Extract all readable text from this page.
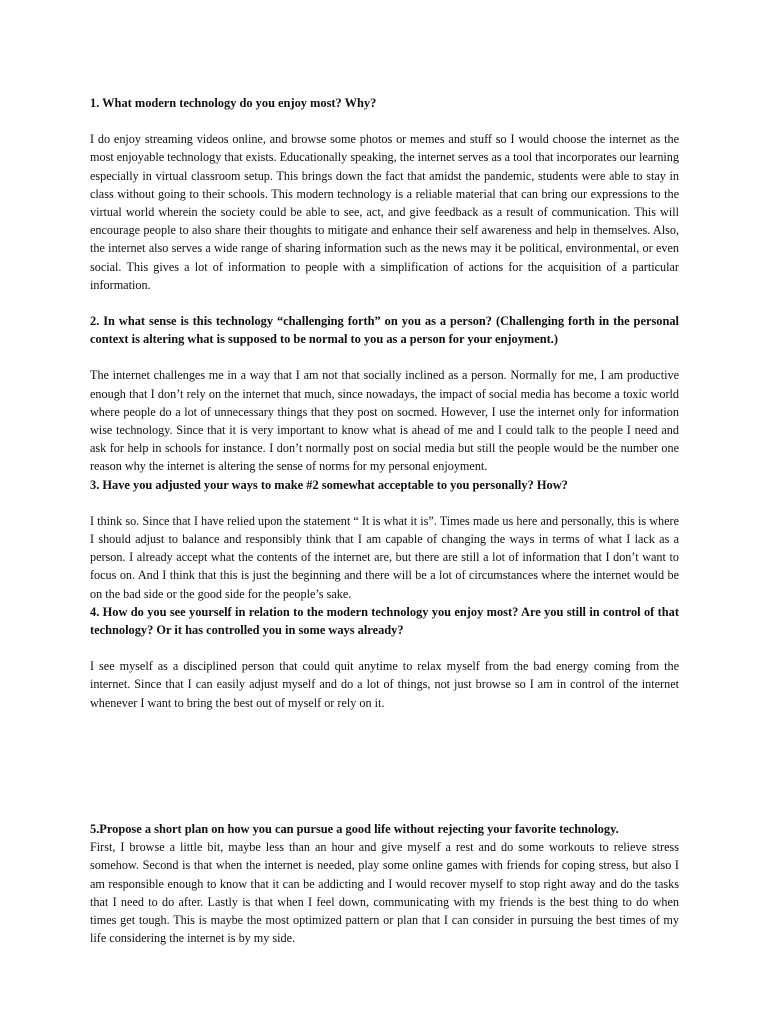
1. What modern technology do you enjoy most? Why?

I do enjoy streaming videos online, and browse some photos or memes and stuff so I would choose the internet as the most enjoyable technology that exists. Educationally speaking, the internet serves as a tool that incorporates our learning especially in virtual classroom setup. This brings down the fact that amidst the pandemic, students were able to stay in class without going to their schools. This modern technology is a reliable material that can bring our expressions to the virtual world wherein the society could be able to see, act, and give feedback as a result of communication. This will encourage people to also share their thoughts to mitigate and enhance their self awareness and help in themselves. Also, the internet also serves a wide range of sharing information such as the news may it be political, environmental, or even social. This gives a lot of information to people with a simplification of actions for the acquisition of a particular information.

2. In what sense is this technology “challenging forth” on you as a person? (Challenging forth in the personal context is altering what is supposed to be normal to you as a person for your enjoyment.)

The internet challenges me in a way that I am not that socially inclined as a person. Normally for me, I am productive enough that I don’t rely on the internet that much, since nowadays, the impact of social media has become a toxic world where people do a lot of unnecessary things that they post on socmed. However, I use the internet only for information wise technology. Since that it is very important to know what is ahead of me and I could talk to the people I need and ask for help in schools for instance. I don’t normally post on social media but still the people would be the number one reason why the internet is altering the sense of norms for my personal enjoyment.

3. Have you adjusted your ways to make #2 somewhat acceptable to you personally? How?

I think so. Since that I have relied upon the statement “ It is what it is”. Times made us here and personally, this is where I should adjust to balance and responsibly think that I am capable of changing the ways in terms of what I lack as a person. I already accept what the contents of the internet are, but there are still a lot of information that I don’t want to focus on. And I think that this is just the beginning and there will be a lot of circumstances where the internet would be on the bad side or the good side for the people’s sake.

4. How do you see yourself in relation to the modern technology you enjoy most? Are you still in control of that technology? Or it has controlled you in some ways already?

I see myself as a disciplined person that could quit anytime to relax myself from the bad energy coming from the internet. Since that I can easily adjust myself and do a lot of things, not just browse so I am in control of the internet whenever I want to bring the best out of myself or rely on it.

5.Propose a short plan on how you can pursue a good life without rejecting your favorite technology.

First, I browse a little bit, maybe less than an hour and give myself a rest and do some workouts to relieve stress somehow. Second is that when the internet is needed, play some online games with friends for coping stress, but also I am responsible enough to know that it can be addicting and I would recover myself to stop right away and do the tasks that I need to do after. Lastly is that when I feel down, communicating with my friends is the best thing to do when times get tough. This is maybe the most optimized pattern or plan that I can consider in pursuing the best times of my life considering the internet is by my side.
